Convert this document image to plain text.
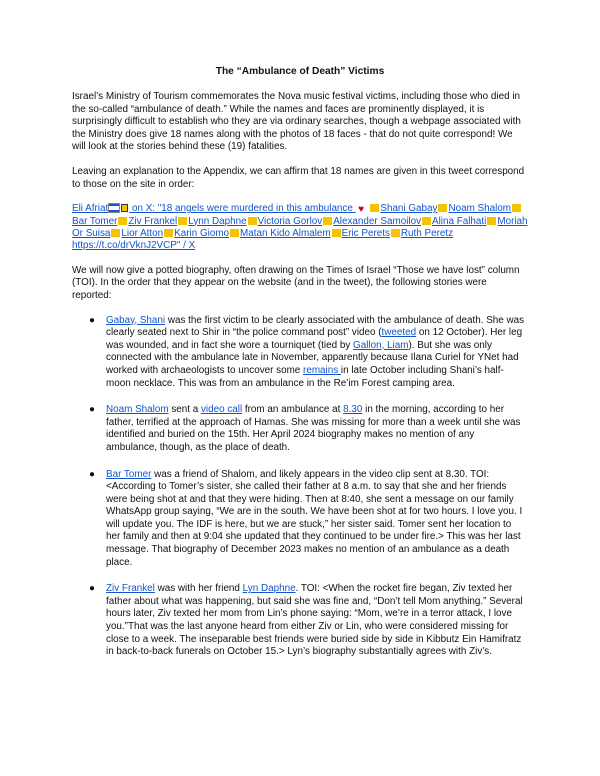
The “Ambulance of Death” Victims

Israel’s Ministry of Tourism commemorates the Nova music festival victims, including those who died in the so-called “ambulance of death.” While the names and faces are prominently displayed, it is surprisingly difficult to establish who they are via ordinary searches, though a webpage associated with the Ministry does give 18 names along with the photos of 18 faces - that do not quite correspond! We will look at the stories behind these (19) fatalities.

Leaving an explanation to the Appendix, we can affirm that 18 names are given in this tweet correspond to those on the site in order:

Eli Afriat on X: "18 angels were murdered in this ambulance ♥ Shani Gabay Noam ShalomBar Tomer Ziv Frankel Lynn Daphne Victoria Gorlov Alexander Samoilov Alina Falhati Moriah Or Suisa Lior Atton Karin Giomo Matan Kido Almalem Eric Perets Ruth Peretz https://t.co/drVknJ2VCP" / X

We will now give a potted biography, often drawing on the Times of Israel “Those we have lost” column (TOI). In the order that they appear on the website (and in the tweet), the following stories were reported:

● Gabay, Shani was the first victim to be clearly associated with the ambulance of death. She was clearly seated next to Shir in “the police command post” video (tweeted on 12 October). Her leg was wounded, and in fact she wore a tourniquet (tied by Gallon, Liam). But she was only connected with the ambulance late in November, apparently because Ilana Curiel for YNet had worked with archaeologists to uncover some remains in late October including Shani’s half-moon necklace. This was from an ambulance in the Re’im Forest camping area.
● Noam Shalom sent a video call from an ambulance at 8.30 in the morning, according to her father, terrified at the approach of Hamas. She was missing for more than a week until she was identified and buried on the 15th. Her April 2024 biography makes no mention of any ambulance, though, as the place of death.
● Bar Tomer was a friend of Shalom, and likely appears in the video clip sent at 8.30. TOI: <According to Tomer’s sister, she called their father at 8 a.m. to say that she and her friends were being shot at and that they were hiding. Then at 8:40, she sent a message on our family WhatsApp group saying, “We are in the south. We have been shot at for two hours. I love you. I will update you. The IDF is here, but we are stuck,” her sister said. Tomer sent her location to her family and then at 9:04 she updated that they continued to be under fire.> This was her last message. That biography of December 2023 makes no mention of an ambulance as a death place.
● Ziv Frankel was with her friend Lyn Daphne. TOI: <When the rocket fire began, Ziv texted her father about what was happening, but said she was fine and, “Don’t tell Mom anything.” Several hours later, Ziv texted her mom from Lin’s phone saying: “Mom, we’re in a terror attack, I love you.”That was the last anyone heard from either Ziv or Lin, who were considered missing for close to a week. The inseparable best friends were buried side by side in Kibbutz Ein Hamifratz in back-to-back funerals on October 15.> Lyn’s biography substantially agrees with Ziv’s.
